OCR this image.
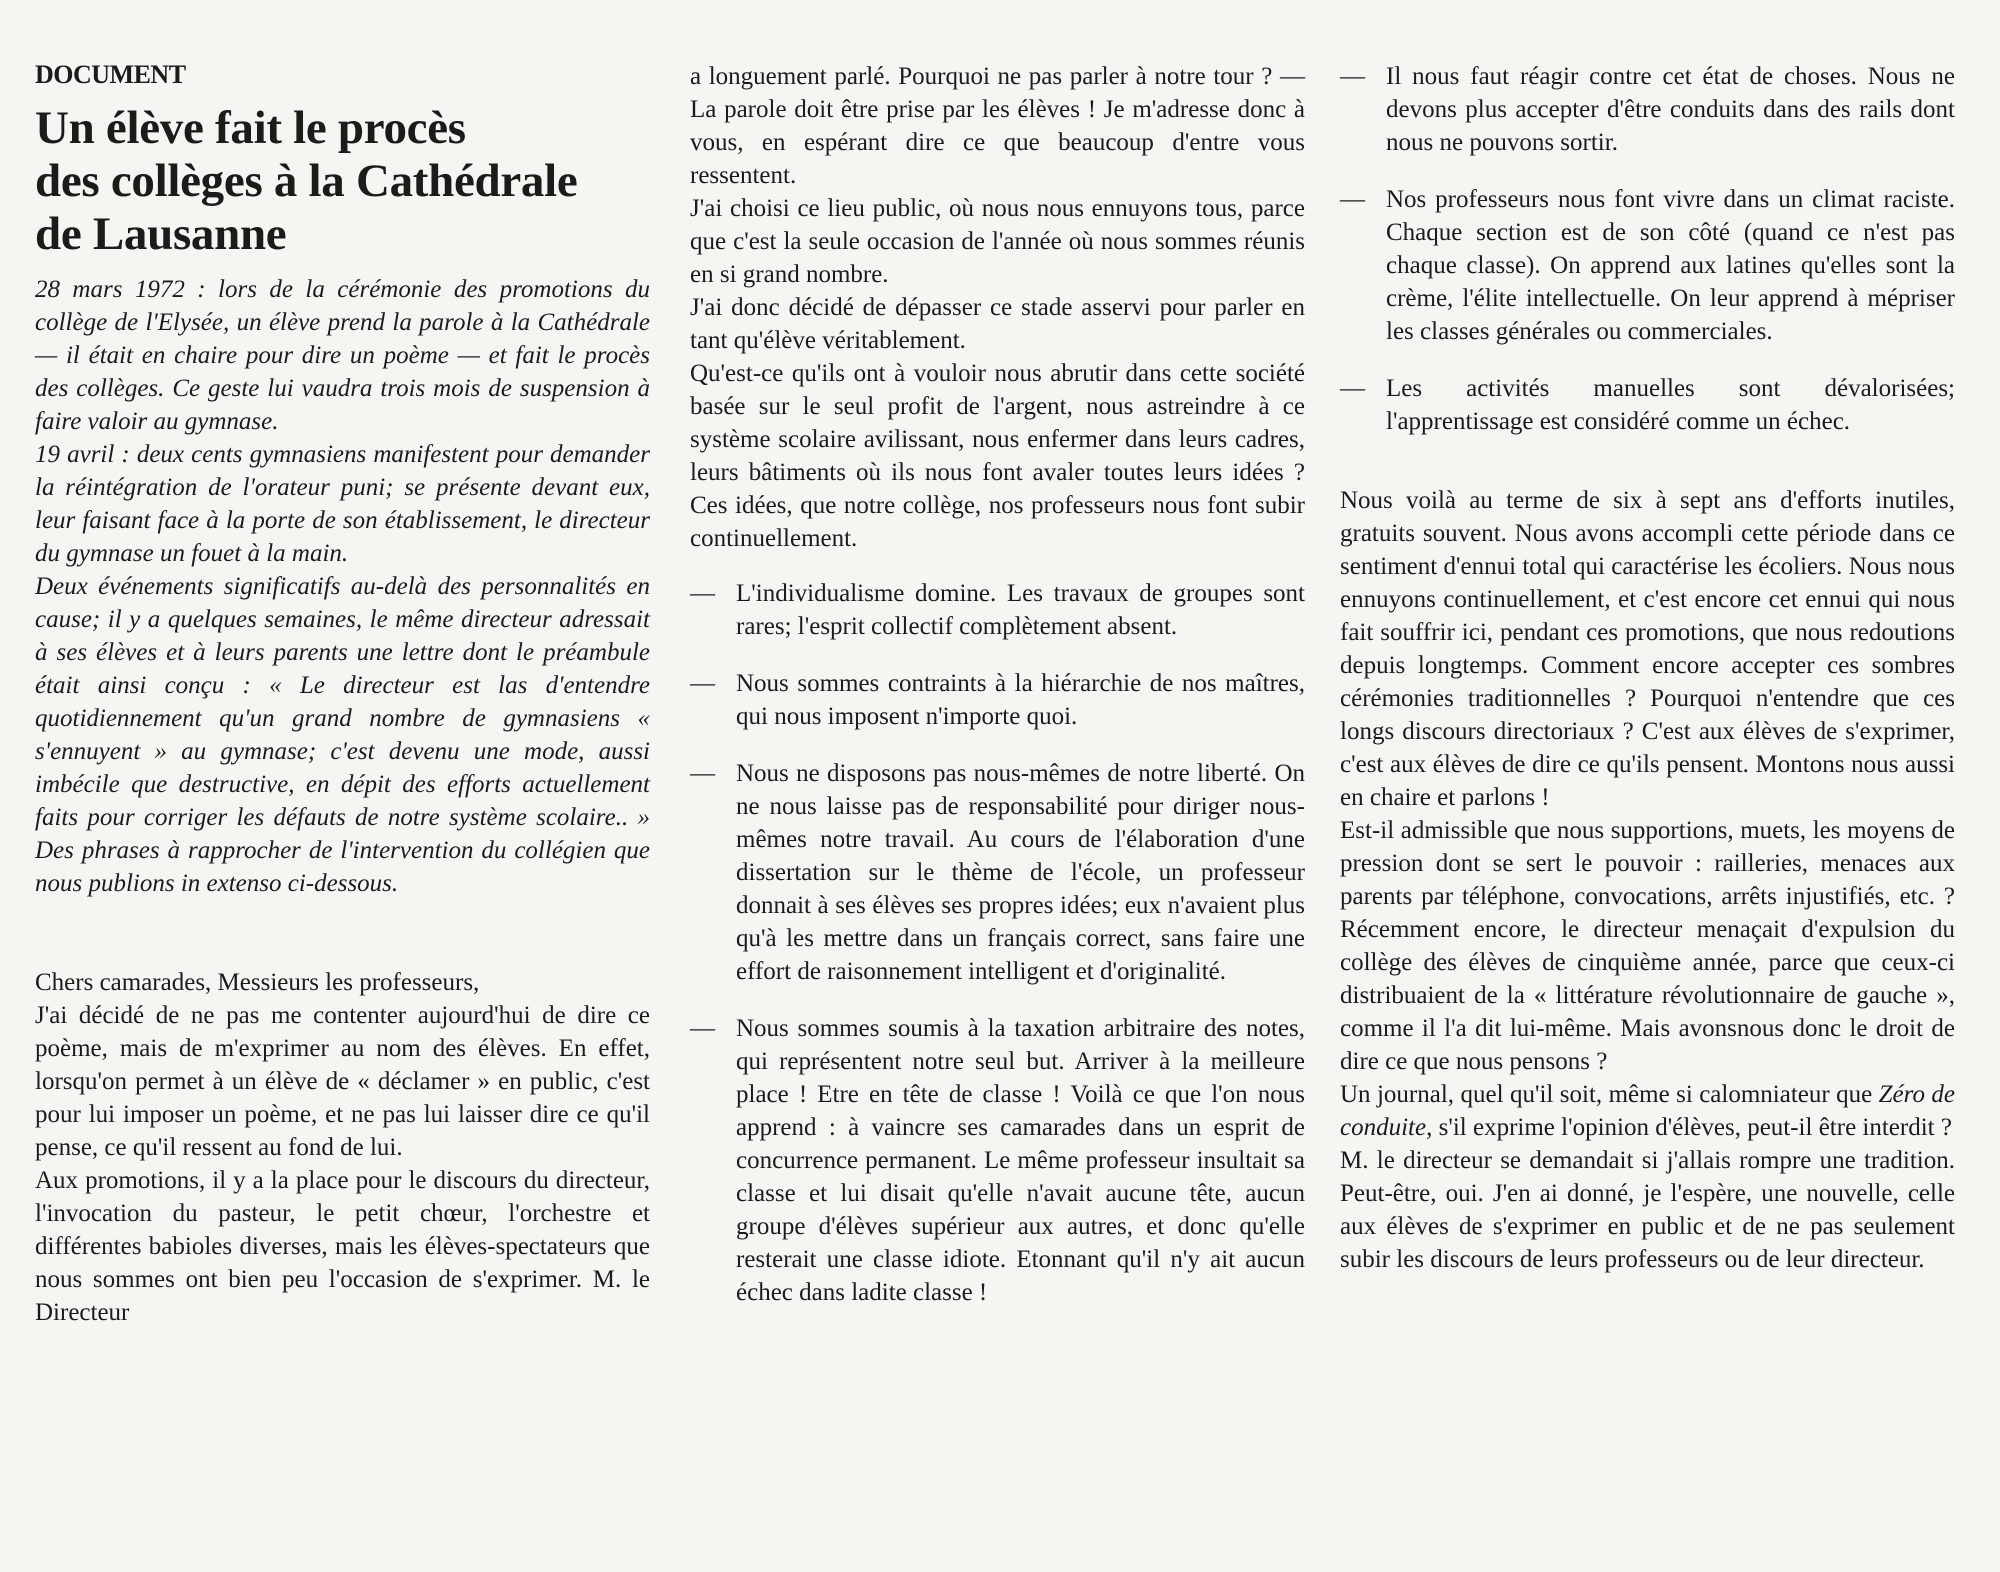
DOCUMENT
Un élève fait le procès
des collèges à la Cathédrale
de Lausanne

28 mars 1972 : lors de la cérémonie des promotions du collège de l'Elysée, un élève prend la parole à la Cathédrale — il était en chaire pour dire un poème — et fait le procès des collèges. Ce geste lui vaudra trois mois de suspension à faire valoir au gymnase.

19 avril : deux cents gymnasiens manifestent pour demander la réintégration de l'orateur puni; se présente devant eux, leur faisant face à la porte de son établissement, le directeur du gymnase un fouet à la main.

Deux événements significatifs au-delà des personnalités en cause; il y a quelques semaines, le même directeur adressait à ses élèves et à leurs parents une lettre dont le préambule était ainsi conçu : « Le directeur est las d'entendre quotidiennement qu'un grand nombre de gymnasiens « s'ennuyent » au gymnase; c'est devenu une mode, aussi imbécile que destructive, en dépit des efforts actuellement faits pour corriger les défauts de notre système scolaire.. » Des phrases à rapprocher de l'intervention du collégien que nous publions in extenso ci-dessous.

Chers camarades, Messieurs les professeurs,

J'ai décidé de ne pas me contenter aujourd'hui de dire ce poème, mais de m'exprimer au nom des élèves. En effet, lorsqu'on permet à un élève de « déclamer » en public, c'est pour lui imposer un poème, et ne pas lui laisser dire ce qu'il pense, ce qu'il ressent au fond de lui.

Aux promotions, il y a la place pour le discours du directeur, l'invocation du pasteur, le petit chœur, l'orchestre et différentes babioles diverses, mais les élèves-spectateurs que nous sommes ont bien peu l'occasion de s'exprimer. M. le Directeur

a longuement parlé. Pourquoi ne pas parler à notre tour ? — La parole doit être prise par les élèves ! Je m'adresse donc à vous, en espérant dire ce que beaucoup d'entre vous ressentent.

J'ai choisi ce lieu public, où nous nous ennuyons tous, parce que c'est la seule occasion de l'année où nous sommes réunis en si grand nombre.

J'ai donc décidé de dépasser ce stade asservi pour parler en tant qu'élève véritablement.

Qu'est-ce qu'ils ont à vouloir nous abrutir dans cette société basée sur le seul profit de l'argent, nous astreindre à ce système scolaire avilissant, nous enfermer dans leurs cadres, leurs bâtiments où ils nous font avaler toutes leurs idées ? Ces idées, que notre collège, nos professeurs nous font subir continuellement.

— L'individualisme domine. Les travaux de groupes sont rares; l'esprit collectif complètement absent.

— Nous sommes contraints à la hiérarchie de nos maîtres, qui nous imposent n'importe quoi.

— Nous ne disposons pas nous-mêmes de notre liberté. On ne nous laisse pas de responsabilité pour diriger nous-mêmes notre travail. Au cours de l'élaboration d'une dissertation sur le thème de l'école, un professeur donnait à ses élèves ses propres idées; eux n'avaient plus qu'à les mettre dans un français correct, sans faire une effort de raisonnement intelligent et d'originalité.

— Nous sommes soumis à la taxation arbitraire des notes, qui représentent notre seul but. Arriver à la meilleure place ! Etre en tête de classe ! Voilà ce que l'on nous apprend : à vaincre ses camarades dans un esprit de concurrence permanent. Le même professeur insultait sa classe et lui disait qu'elle n'avait aucune tête, aucun groupe d'élèves supérieur aux autres, et donc qu'elle resterait une classe idiote. Etonnant qu'il n'y ait aucun échec dans ladite classe !

— Il nous faut réagir contre cet état de choses. Nous ne devons plus accepter d'être conduits dans des rails dont nous ne pouvons sortir.

— Nos professeurs nous font vivre dans un climat raciste. Chaque section est de son côté (quand ce n'est pas chaque classe). On apprend aux latines qu'elles sont la crème, l'élite intellectuelle. On leur apprend à mépriser les classes générales ou commerciales.

— Les activités manuelles sont dévalorisées; l'apprentissage est considéré comme un échec.

Nous voilà au terme de six à sept ans d'efforts inutiles, gratuits souvent. Nous avons accompli cette période dans ce sentiment d'ennui total qui caractérise les écoliers. Nous nous ennuyons continuellement, et c'est encore cet ennui qui nous fait souffrir ici, pendant ces promotions, que nous redoutions depuis longtemps. Comment encore accepter ces sombres cérémonies traditionnelles ? Pourquoi n'entendre que ces longs discours directoriaux ? C'est aux élèves de s'exprimer, c'est aux élèves de dire ce qu'ils pensent. Montons nous aussi en chaire et parlons !

Est-il admissible que nous supportions, muets, les moyens de pression dont se sert le pouvoir : railleries, menaces aux parents par téléphone, convocations, arrêts injustifiés, etc. ? Récemment encore, le directeur menaçait d'expulsion du collège des élèves de cinquième année, parce que ceux-ci distribuaient de la « littérature révolutionnaire de gauche », comme il l'a dit lui-même. Mais avonsnous donc le droit de dire ce que nous pensons ?

Un journal, quel qu'il soit, même si calomniateur que Zéro de conduite, s'il exprime l'opinion d'élèves, peut-il être interdit ?

M. le directeur se demandait si j'allais rompre une tradition. Peut-être, oui. J'en ai donné, je l'espère, une nouvelle, celle aux élèves de s'exprimer en public et de ne pas seulement subir les discours de leurs professeurs ou de leur directeur.
